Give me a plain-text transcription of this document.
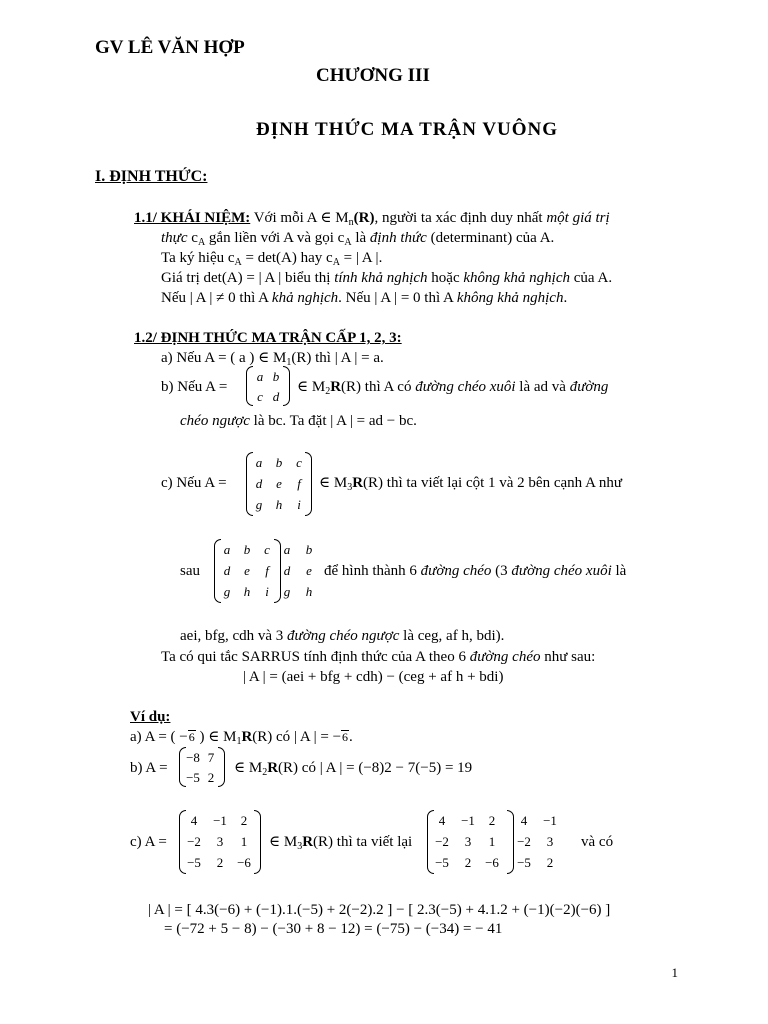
GV LÊ VĂN HỢP
CHƯƠNG III
ĐỊNH THỨC MA TRẬN VUÔNG
I. ĐỊNH THỨC:
1.1/ KHÁI NIỆM: Với mỗi A ∈ $M_n(R)$, người ta xác định duy nhất một giá trị
thực $c_A$ gắn liền với A và gọi $c_A$ là định thức (determinant) của A.
Ta ký hiệu $c_A = \det(A)$ hay $c_A$ = | A |.
Giá trị det(A) = | A | biểu thị tính khả nghịch hoặc không khả nghịch của A.
Nếu | A | ≠ 0 thì A khả nghịch. Nếu | A | = 0 thì A không khả nghịch.
1.2/ ĐỊNH THỨC MA TRẬN CẤP 1, 2, 3:
a) Nếu A = ( a ) ∈ $M_1(R)$ thì | A | = a.
b) Nếu A =
a b
c d
∈ $M_2R(R)$ thì A có đường chéo xuôi là ad và đường
chéo ngược là bc. Ta đặt | A | = ad − bc.
c) Nếu A =
a	b	c
d	e	f
g	h	i
∈ $M_3R(R)$ thì ta viết lại cột 1 và 2 bên cạnh A như
sau
a	b	c	a	b
d	e	f	d	e
g	h	i	g	h
để hình thành 6 đường chéo (3 đường chéo xuôi là
aei, bfg, cdh và 3 đường chéo ngược là ceg, af h, bdi).
Ta có qui tắc SARRUS tính định thức của A theo 6 đường chéo như sau:
| A | = (aei + bfg + cdh) − (ceg + af h + bdi)
Ví dụ:
a) A = ( −6 ) ∈ $M_1R(R)$ có | A | = −6.
b) A =
−8 7
−5 2
∈ $M_2R(R)$ có | A | = (−8)2 − 7(−5) = 19
c) A =
4	−1	2
−2	3	1
−5	2	−6
∈ $M_3R(R)$ thì ta viết lại
4	−1	2	4	−1
−2	3	1	−2	3
−5	2	−6	−5	2
và có
| A | = [ 4.3(−6) + (−1).1.(−5) + 2(−2).2 ] − [ 2.3(−5) + 4.1.2 + (−1)(−2)(−6) ]
= (−72 + 5 − 8) − (−30 + 8 − 12) = (−75) − (−34) = − 41
1
